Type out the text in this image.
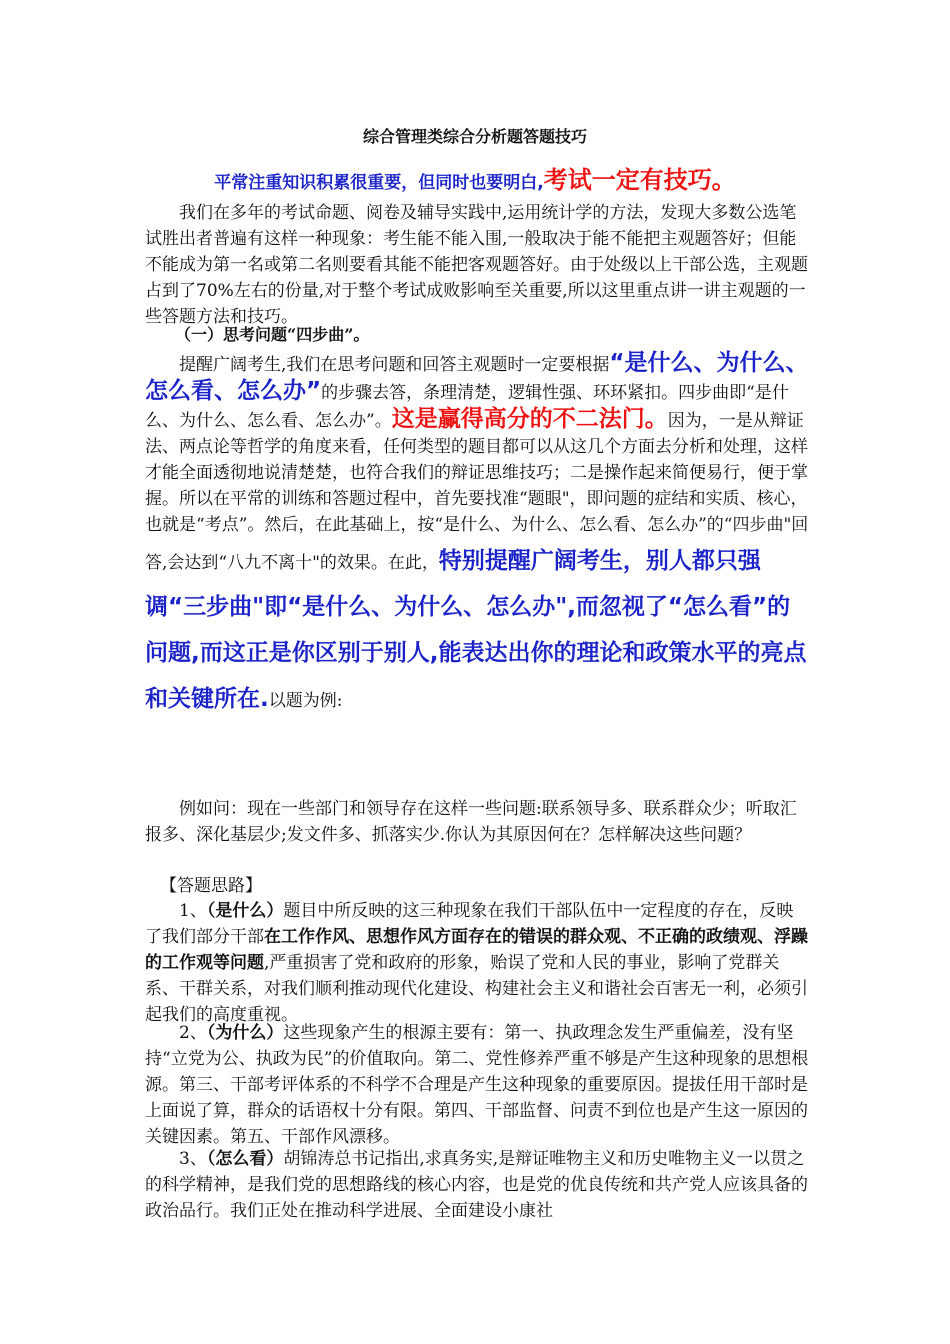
综合管理类综合分析题答题技巧
平常注重知识积累很重要，但同时也要明白,考试一定有技巧。

我们在多年的考试命题、阅卷及辅导实践中,运用统计学的方法，发现大多数公选笔试胜出者普遍有这样一种现象：考生能不能入围,一般取决于能不能把主观题答好；但能不能成为第一名或第二名则要看其能不能把客观题答好。由于处级以上干部公选，主观题占到了70%左右的份量,对于整个考试成败影响至关重要,所以这里重点讲一讲主观题的一些答题方法和技巧。

（一）思考问题“四步曲”。

提醒广阔考生,我们在思考问题和回答主观题时一定要根据“是什么、为什么、怎么看、怎么办”的步骤去答，条理清楚，逻辑性强、环环紧扣。四步曲即“是什么、为什么、怎么看、怎么办”。这是赢得高分的不二法门。因为，一是从辩证法、两点论等哲学的角度来看，任何类型的题目都可以从这几个方面去分析和处理，这样才能全面透彻地说清楚楚，也符合我们的辩证思维技巧；二是操作起来简便易行，便于掌握。所以在平常的训练和答题过程中，首先要找准“题眼"，即问题的症结和实质、核心，也就是“考点”。然后，在此基础上，按“是什么、为什么、怎么看、怎么办”的“四步曲"回答,会达到“八九不离十"的效果。在此，特别提醒广阔考生，别人都只强调“三步曲"即“是什么、为什么、怎么办",而忽视了“怎么看”的问题,而这正是你区别于别人,能表达出你的理论和政策水平的亮点和关键所在.以题为例:

例如问：现在一些部门和领导存在这样一些问题:联系领导多、联系群众少；听取汇报多、深化基层少;发文件多、抓落实少.你认为其原因何在？怎样解决这些问题？

【答题思路】

1、（是什么）题目中所反映的这三种现象在我们干部队伍中一定程度的存在，反映了我们部分干部在工作作风、思想作风方面存在的错误的群众观、不正确的政绩观、浮躁的工作观等问题,严重损害了党和政府的形象，贻误了党和人民的事业，影响了党群关系、干群关系，对我们顺利推动现代化建设、构建社会主义和谐社会百害无一利，必须引起我们的高度重视。

2、（为什么）这些现象产生的根源主要有：第一、执政理念发生严重偏差，没有坚持“立党为公、执政为民”的价值取向。第二、党性修养严重不够是产生这种现象的思想根源。第三、干部考评体系的不科学不合理是产生这种现象的重要原因。提拔任用干部时是上面说了算，群众的话语权十分有限。第四、干部监督、问责不到位也是产生这一原因的关键因素。第五、干部作风漂移。

3、（怎么看）胡锦涛总书记指出,求真务实,是辩证唯物主义和历史唯物主义一以贯之的科学精神，是我们党的思想路线的核心内容，也是党的优良传统和共产党人应该具备的政治品行。我们正处在推动科学进展、全面建设小康社
